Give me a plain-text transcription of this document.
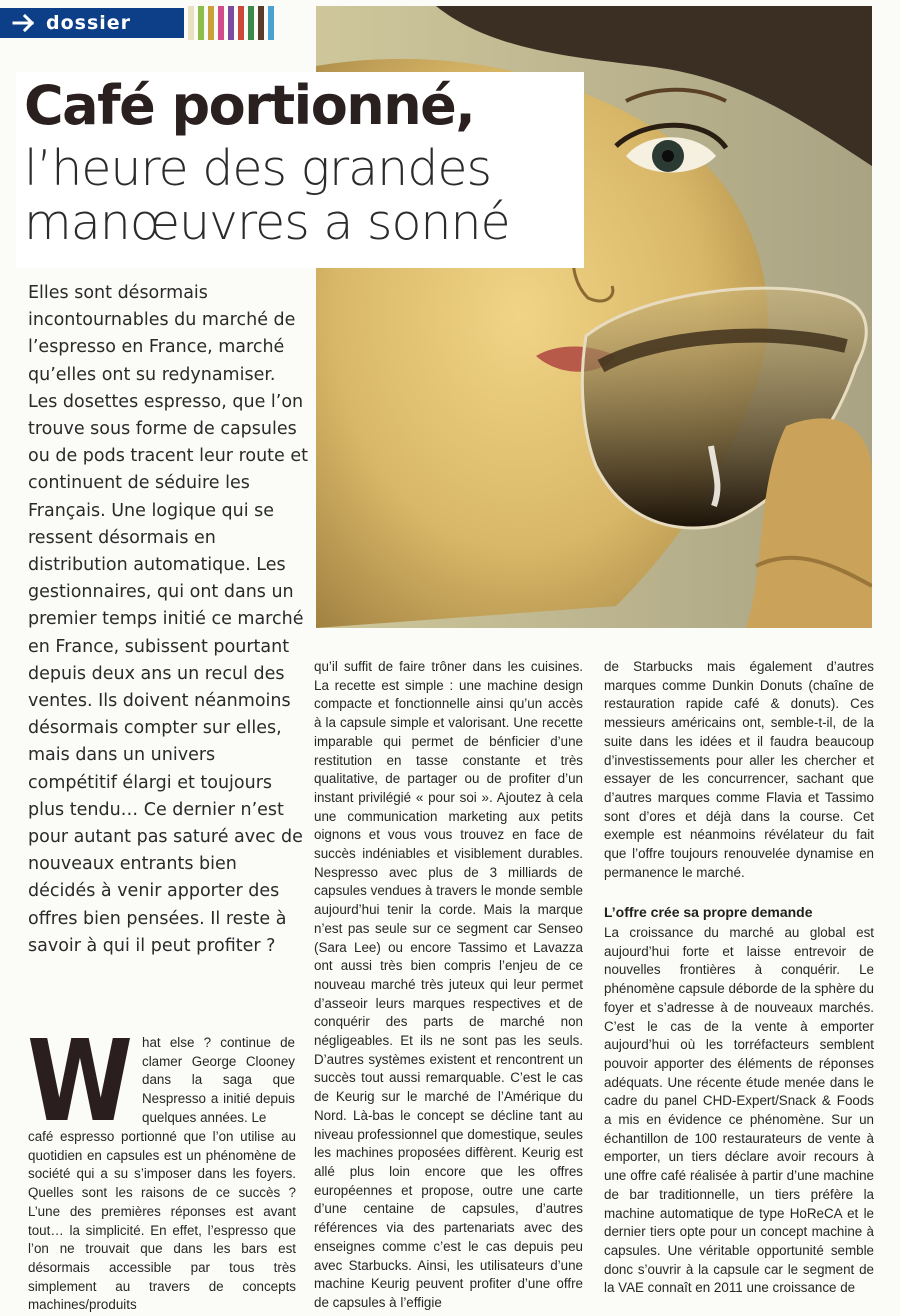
dossier
Café portionné,
l’heure des grandes
manœuvres a sonné
Elles sont désormais incontournables du marché de l’espresso en France, marché qu’elles ont su redynamiser. Les dosettes espresso, que l’on trouve sous forme de capsules ou de pods tracent leur route et continuent de séduire les Français. Une logique qui se ressent désormais en distribution automatique. Les gestionnaires, qui ont dans un premier temps initié ce marché en France, subissent pourtant depuis deux ans un recul des ventes. Ils doivent néanmoins désormais compter sur elles, mais dans un univers compétitif élargi et toujours plus tendu… Ce dernier n’est pour autant pas saturé avec de nouveaux entrants bien décidés à venir apporter des offres bien pensées. Il reste à savoir à qui il peut profiter ?
W hat else ? continue de clamer George Clooney dans la saga que Nespresso a initié depuis quelques années. Le
café espresso portionné que l’on utilise au quotidien en capsules est un phénomène de société qui a su s’imposer dans les foyers. Quelles sont les raisons de ce succès ? L’une des premières réponses est avant tout… la simplicité. En effet, l’espresso que l’on ne trouvait que dans les bars est désormais accessible par tous très simplement au travers de concepts machines/produits
qu’il suffit de faire trôner dans les cuisines. La recette est simple : une machine design compacte et fonctionnelle ainsi qu’un accès à la capsule simple et valorisant. Une recette imparable qui permet de bénficier d’une restitution en tasse constante et très qualitative, de partager ou de profiter d’un instant privilégié « pour soi ». Ajoutez à cela une communication marketing aux petits oignons et vous vous trouvez en face de succès indéniables et visiblement durables. Nespresso avec plus de 3 milliards de capsules vendues à travers le monde semble aujourd’hui tenir la corde. Mais la marque n’est pas seule sur ce segment car Senseo (Sara Lee) ou encore Tassimo et Lavazza ont aussi très bien compris l’enjeu de ce nouveau marché très juteux qui leur permet d’asseoir leurs marques respectives et de conquérir des parts de marché non négligeables. Et ils ne sont pas les seuls. D’autres systèmes existent et rencontrent un succès tout aussi remarquable. C’est le cas de Keurig sur le marché de l’Amérique du Nord. Là-bas le concept se décline tant au niveau professionnel que domestique, seules les machines proposées diffèrent. Keurig est allé plus loin encore que les offres européennes et propose, outre une carte d’une centaine de capsules, d’autres références via des partenariats avec des enseignes comme c’est le cas depuis peu avec Starbucks. Ainsi, les utilisateurs d’une machine Keurig peuvent profiter d’une offre de capsules à l’effigie
de Starbucks mais également d’autres marques comme Dunkin Donuts (chaîne de restauration rapide café & donuts). Ces messieurs américains ont, semble-t-il, de la suite dans les idées et il faudra beaucoup d’investissements pour aller les chercher et essayer de les concurrencer, sachant que d’autres marques comme Flavia et Tassimo sont d’ores et déjà dans la course. Cet exemple est néanmoins révélateur du fait que l’offre toujours renouvelée dynamise en permanence le marché.
L’offre crée sa propre demande
La croissance du marché au global est aujourd’hui forte et laisse entrevoir de nouvelles frontières à conquérir. Le phénomène capsule déborde de la sphère du foyer et s’adresse à de nouveaux marchés. C’est le cas de la vente à emporter aujourd’hui où les torréfacteurs semblent pouvoir apporter des éléments de réponses adéquats. Une récente étude menée dans le cadre du panel CHD-Expert/Snack & Foods a mis en évidence ce phénomène. Sur un échantillon de 100 restaurateurs de vente à emporter, un tiers déclare avoir recours à une offre café réalisée à partir d’une machine de bar traditionnelle, un tiers préfère la machine automatique de type HoReCA et le dernier tiers opte pour un concept machine à capsules. Une véritable opportunité semble donc s’ouvrir à la capsule car le segment de la VAE connaît en 2011 une croissance de
